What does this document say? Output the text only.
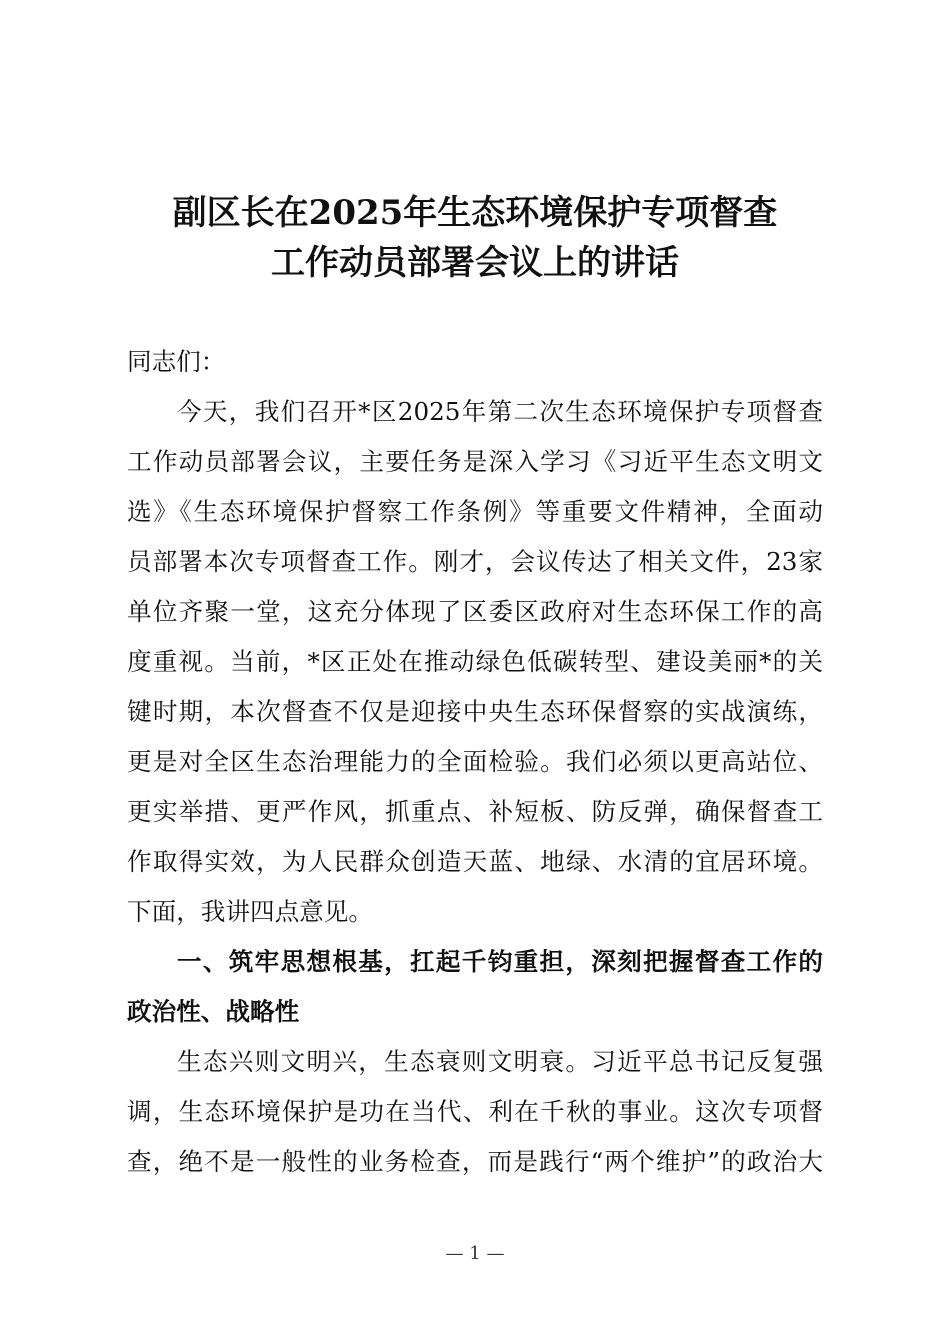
副区长在2025年生态环境保护专项督查
工作动员部署会议上的讲话
同志们：
今天，我们召开*区2025年第二次生态环境保护专项督查
工作动员部署会议，主要任务是深入学习《习近平生态文明文
选》《生态环境保护督察工作条例》等重要文件精神，全面动
员部署本次专项督查工作。刚才，会议传达了相关文件，23家
单位齐聚一堂，这充分体现了区委区政府对生态环保工作的高
度重视。当前，*区正处在推动绿色低碳转型、建设美丽*的关
键时期，本次督查不仅是迎接中央生态环保督察的实战演练，
更是对全区生态治理能力的全面检验。我们必须以更高站位、
更实举措、更严作风，抓重点、补短板、防反弹，确保督查工
作取得实效，为人民群众创造天蓝、地绿、水清的宜居环境。
下面，我讲四点意见。
一、筑牢思想根基，扛起千钧重担，深刻把握督查工作的
政治性、战略性
生态兴则文明兴，生态衰则文明衰。习近平总书记反复强
调，生态环境保护是功在当代、利在千秋的事业。这次专项督
查，绝不是一般性的业务检查，而是践行“两个维护”的政治大
— 1 —
